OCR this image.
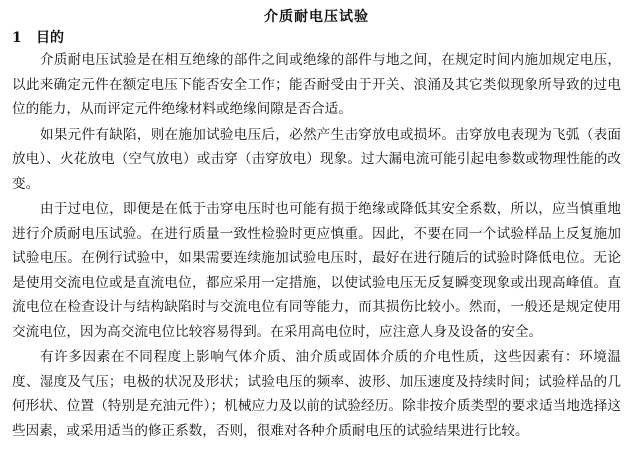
介质耐电压试验
1 目的

介质耐电压试验是在相互绝缘的部件之间或绝缘的部件与地之间，在规定时间内施加规定电压，以此来确定元件在额定电压下能否安全工作；能否耐受由于开关、浪涌及其它类似现象所导致的过电位的能力，从而评定元件绝缘材料或绝缘间隙是否合适。

如果元件有缺陷，则在施加试验电压后，必然产生击穿放电或损坏。击穿放电表现为飞弧（表面放电）、火花放电（空气放电）或击穿（击穿放电）现象。过大漏电流可能引起电参数或物理性能的改变。

由于过电位，即便是在低于击穿电压时也可能有损于绝缘或降低其安全系数，所以，应当慎重地进行介质耐电压试验。在进行质量一致性检验时更应慎重。因此，不要在同一个试验样品上反复施加试验电压。在例行试验中，如果需要连续施加试验电压时，最好在进行随后的试验时降低电位。无论是使用交流电位或是直流电位，都应采用一定措施，以使试验电压无反复瞬变现象或出现高峰值。直流电位在检查设计与结构缺陷时与交流电位有同等能力，而其损伤比较小。然而，一般还是规定使用交流电位，因为高交流电位比较容易得到。在采用高电位时，应注意人身及设备的安全。

有许多因素在不同程度上影响气体介质、油介质或固体介质的介电性质，这些因素有：环境温度、湿度及气压；电极的状况及形状；试验电压的频率、波形、加压速度及持续时间；试验样品的几何形状、位置（特别是充油元件）；机械应力及以前的试验经历。除非按介质类型的要求适当地选择这些因素，或采用适当的修正系数，否则，很难对各种介质耐电压的试验结果进行比较。
